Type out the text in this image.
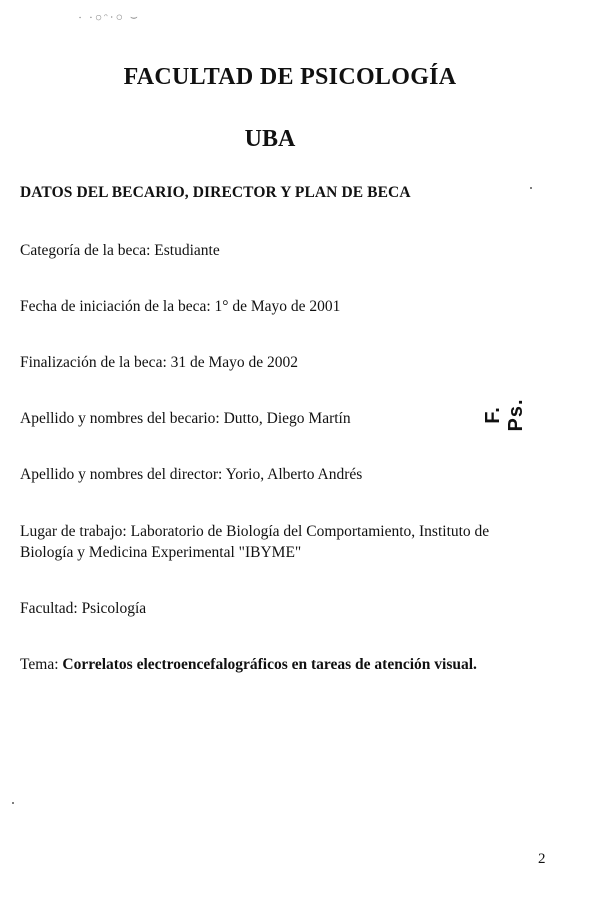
· ·○ᵔ·○ ⌣
FACULTAD DE PSICOLOGÍA
UBA
DATOS DEL BECARIO, DIRECTOR Y PLAN DE BECA
Categoría de la beca: Estudiante
Fecha de iniciación de la beca: 1° de Mayo de 2001
Finalización de la beca: 31 de Mayo de 2002
Apellido y nombres del becario: Dutto, Diego Martín
Apellido y nombres del director: Yorio, Alberto Andrés
Lugar de trabajo: Laboratorio de Biología del Comportamiento, Instituto de Biología y Medicina Experimental "IBYME"
Facultad: Psicología
Tema: Correlatos electroencefalográficos en tareas de atención visual.
F. Ps.
2
